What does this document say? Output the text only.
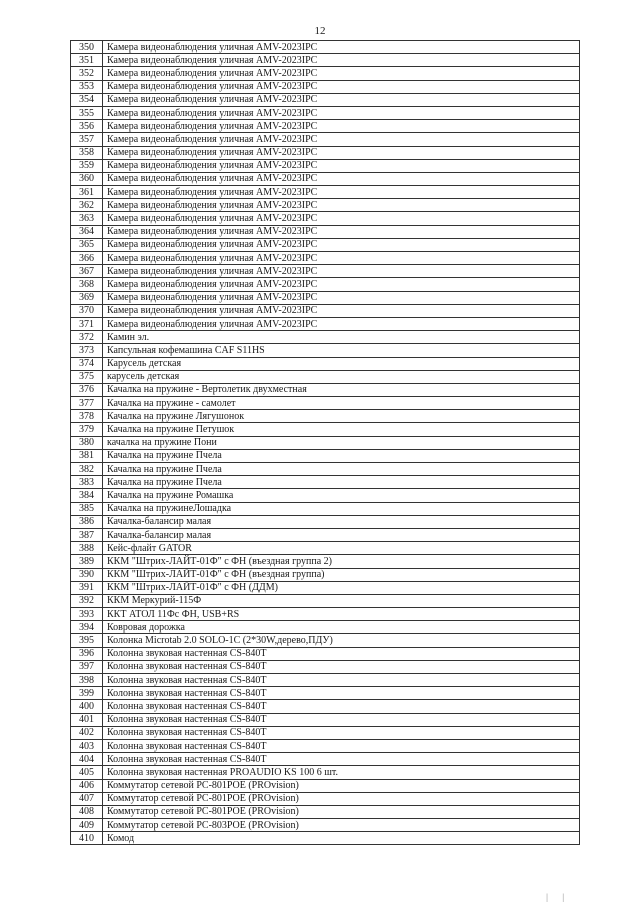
12
350	Камера видеонаблюдения уличная AMV-2023IPC
351	Камера видеонаблюдения уличная AMV-2023IPC
352	Камера видеонаблюдения уличная AMV-2023IPC
353	Камера видеонаблюдения уличная AMV-2023IPC
354	Камера видеонаблюдения уличная AMV-2023IPC
355	Камера видеонаблюдения уличная AMV-2023IPC
356	Камера видеонаблюдения уличная AMV-2023IPC
357	Камера видеонаблюдения уличная AMV-2023IPC
358	Камера видеонаблюдения уличная AMV-2023IPC
359	Камера видеонаблюдения уличная AMV-2023IPC
360	Камера видеонаблюдения уличная AMV-2023IPC
361	Камера видеонаблюдения уличная AMV-2023IPC
362	Камера видеонаблюдения уличная AMV-2023IPC
363	Камера видеонаблюдения уличная AMV-2023IPC
364	Камера видеонаблюдения уличная AMV-2023IPC
365	Камера видеонаблюдения уличная AMV-2023IPC
366	Камера видеонаблюдения уличная AMV-2023IPC
367	Камера видеонаблюдения уличная AMV-2023IPC
368	Камера видеонаблюдения уличная AMV-2023IPC
369	Камера видеонаблюдения уличная AMV-2023IPC
370	Камера видеонаблюдения уличная AMV-2023IPC
371	Камера видеонаблюдения уличная AMV-2023IPC
372	Камин эл.
373	Капсульная кофемашина CAF S11HS
374	Карусель детская
375	карусель детская
376	Качалка на пружине - Вертолетик двухместная
377	Качалка на пружине - самолет
378	Качалка на пружине Лягушонок
379	Качалка на пружине Петушок
380	качалка на пружине Пони
381	Качалка на пружине Пчела
382	Качалка на пружине Пчела
383	Качалка на пружине Пчела
384	Качалка на пружине Ромашка
385	Качалка на пружинеЛошадка
386	Качалка-балансир малая
387	Качалка-балансир малая
388	Кейс-флайт GATOR
389	ККМ "Штрих-ЛАЙТ-01Ф" с ФН (въездная группа 2)
390	ККМ "Штрих-ЛАЙТ-01Ф" с ФН (въездная группа)
391	ККМ "Штрих-ЛАЙТ-01Ф" с ФН (ДДМ)
392	ККМ Меркурий-115Ф
393	ККТ АТОЛ 11Фс ФН, USB+RS
394	Ковровая дорожка
395	Колонка Microtab 2.0 SOLO-1C (2*30W,дерево,ПДУ)
396	Колонна звуковая настенная CS-840T
397	Колонна звуковая настенная CS-840T
398	Колонна звуковая настенная CS-840T
399	Колонна звуковая настенная CS-840T
400	Колонна звуковая настенная CS-840T
401	Колонна звуковая настенная CS-840T
402	Колонна звуковая настенная CS-840T
403	Колонна звуковая настенная CS-840T
404	Колонна звуковая настенная CS-840T
405	Колонна звуковая настенная PROAUDIO KS 100 6 шт.
406	Коммутатор сетевой PC-801POE (PROvision)
407	Коммутатор сетевой PC-801POE (PROvision)
408	Коммутатор сетевой PC-801POE (PROvision)
409	Коммутатор сетевой PC-803POE (PROvision)
410	Комод
| |
